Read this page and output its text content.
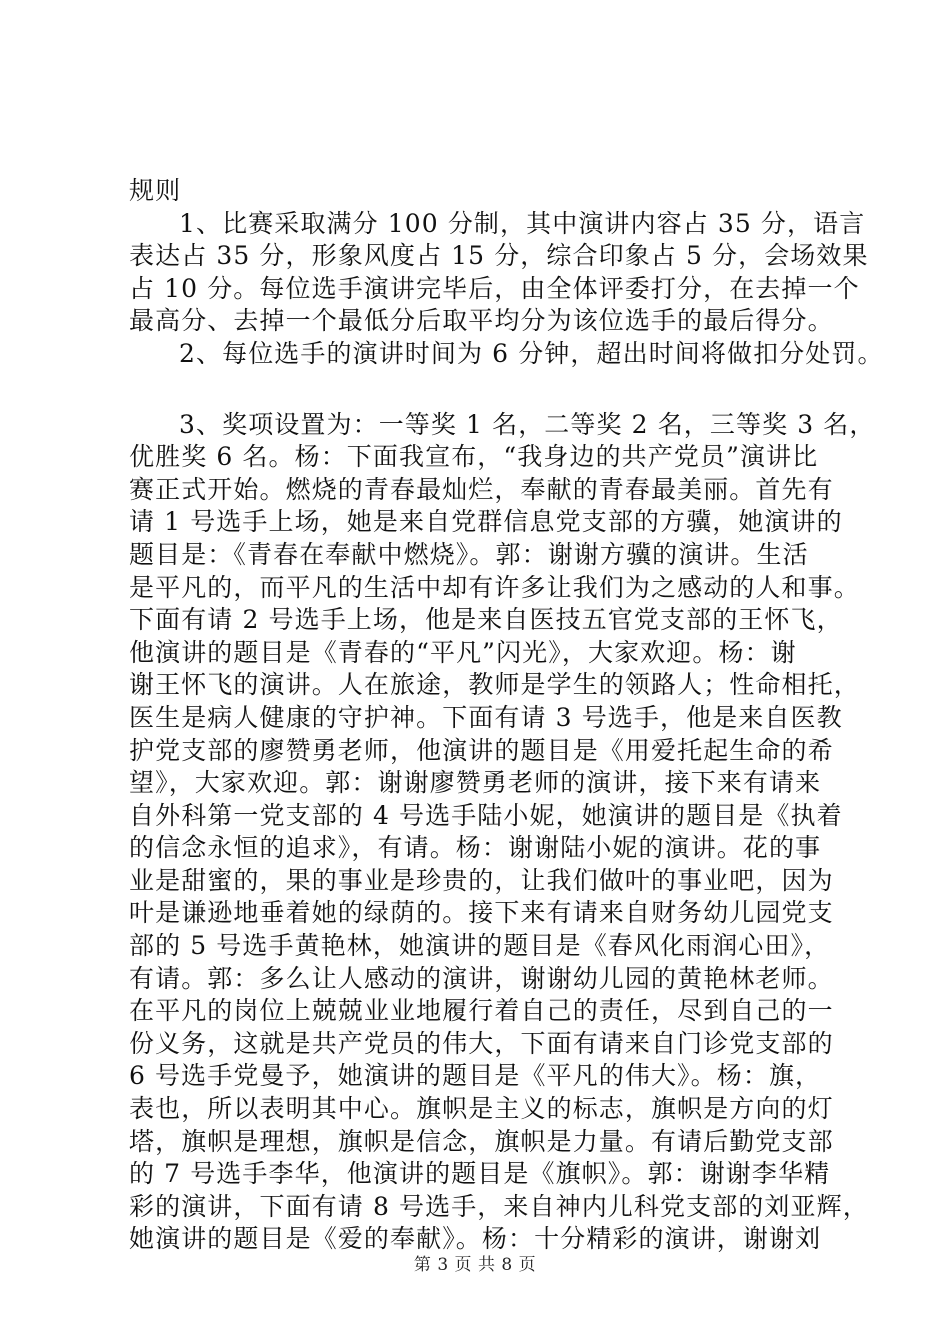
规则
1、比赛采取满分 100 分制，其中演讲内容占 35 分，语言
表达占 35 分，形象风度占 15 分，综合印象占 5 分，会场效果
占 10 分。每位选手演讲完毕后，由全体评委打分，在去掉一个
最高分、去掉一个最低分后取平均分为该位选手的最后得分。
2、每位选手的演讲时间为 6 分钟，超出时间将做扣分处罚。
3、奖项设置为：一等奖 1 名，二等奖 2 名，三等奖 3 名，
优胜奖 6 名。杨：下面我宣布，“我身边的共产党员”演讲比
赛正式开始。燃烧的青春最灿烂，奉献的青春最美丽。首先有
请 1 号选手上场，她是来自党群信息党支部的方骥，她演讲的
题目是：《青春在奉献中燃烧》。郭：谢谢方骥的演讲。生活
是平凡的，而平凡的生活中却有许多让我们为之感动的人和事。
下面有请 2 号选手上场，他是来自医技五官党支部的王怀飞，
他演讲的题目是《青春的“平凡”闪光》，大家欢迎。杨：谢
谢王怀飞的演讲。人在旅途，教师是学生的领路人；性命相托，
医生是病人健康的守护神。下面有请 3 号选手，他是来自医教
护党支部的廖赞勇老师，他演讲的题目是《用爱托起生命的希
望》，大家欢迎。郭：谢谢廖赞勇老师的演讲，接下来有请来
自外科第一党支部的 4 号选手陆小妮，她演讲的题目是《执着
的信念永恒的追求》，有请。杨：谢谢陆小妮的演讲。花的事
业是甜蜜的，果的事业是珍贵的，让我们做叶的事业吧，因为
叶是谦逊地垂着她的绿荫的。接下来有请来自财务幼儿园党支
部的 5 号选手黄艳林，她演讲的题目是《春风化雨润心田》，
有请。郭：多么让人感动的演讲，谢谢幼儿园的黄艳林老师。
在平凡的岗位上兢兢业业地履行着自己的责任，尽到自己的一
份义务，这就是共产党员的伟大，下面有请来自门诊党支部的
6 号选手党曼予，她演讲的题目是《平凡的伟大》。杨：旗，
表也，所以表明其中心。旗帜是主义的标志，旗帜是方向的灯
塔，旗帜是理想，旗帜是信念，旗帜是力量。有请后勤党支部
的 7 号选手李华，他演讲的题目是《旗帜》。郭：谢谢李华精
彩的演讲，下面有请 8 号选手，来自神内儿科党支部的刘亚辉，
她演讲的题目是《爱的奉献》。杨：十分精彩的演讲，谢谢刘
第 3 页 共 8 页
